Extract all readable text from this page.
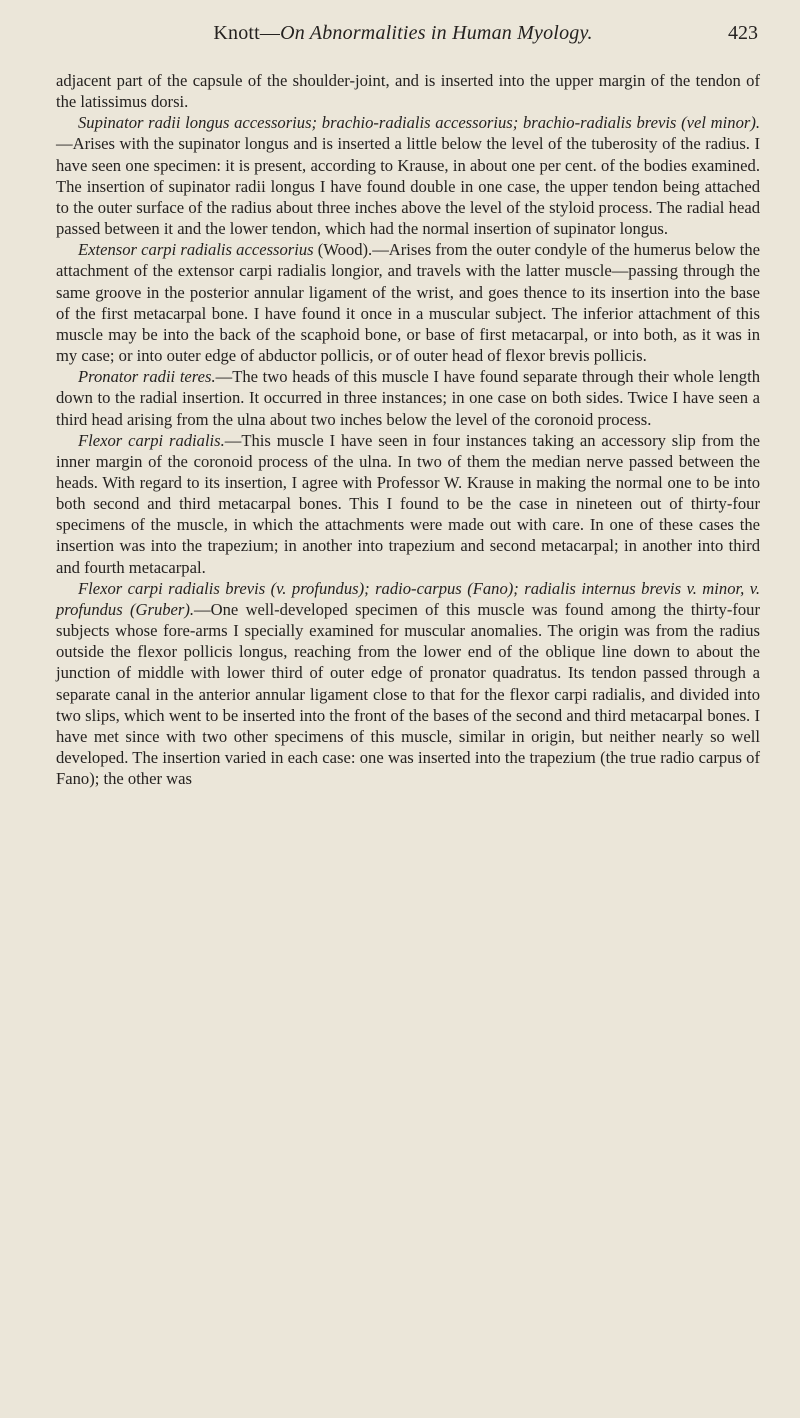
Knott—On Abnormalities in Human Myology.	423

adjacent part of the capsule of the shoulder-joint, and is inserted into the upper margin of the tendon of the latissimus dorsi.

Supinator radii longus accessorius; brachio-radialis accessorius; brachio-radialis brevis (vel minor).—Arises with the supinator longus and is inserted a little below the level of the tuberosity of the radius. I have seen one specimen: it is present, according to Krause, in about one per cent. of the bodies examined. The insertion of supinator radii longus I have found double in one case, the upper tendon being attached to the outer surface of the radius about three inches above the level of the styloid process. The radial head passed between it and the lower tendon, which had the normal insertion of supinator longus.

Extensor carpi radialis accessorius (Wood).—Arises from the outer condyle of the humerus below the attachment of the extensor carpi radialis longior, and travels with the latter muscle—passing through the same groove in the posterior annular ligament of the wrist, and goes thence to its insertion into the base of the first metacarpal bone. I have found it once in a muscular subject. The inferior attachment of this muscle may be into the back of the scaphoid bone, or base of first metacarpal, or into both, as it was in my case; or into outer edge of abductor pollicis, or of outer head of flexor brevis pollicis.

Pronator radii teres.—The two heads of this muscle I have found separate through their whole length down to the radial insertion. It occurred in three instances; in one case on both sides. Twice I have seen a third head arising from the ulna about two inches below the level of the coronoid process.

Flexor carpi radialis.—This muscle I have seen in four instances taking an accessory slip from the inner margin of the coronoid process of the ulna. In two of them the median nerve passed between the heads. With regard to its insertion, I agree with Professor W. Krause in making the normal one to be into both second and third metacarpal bones. This I found to be the case in nineteen out of thirty-four specimens of the muscle, in which the attachments were made out with care. In one of these cases the insertion was into the trapezium; in another into trapezium and second metacarpal; in another into third and fourth metacarpal.

Flexor carpi radialis brevis (v. profundus); radio-carpus (Fano); radialis internus brevis v. minor, v. profundus (Gruber).—One well-developed specimen of this muscle was found among the thirty-four subjects whose fore-arms I specially examined for muscular anomalies. The origin was from the radius outside the flexor pollicis longus, reaching from the lower end of the oblique line down to about the junction of middle with lower third of outer edge of pronator quadratus. Its tendon passed through a separate canal in the anterior annular ligament close to that for the flexor carpi radialis, and divided into two slips, which went to be inserted into the front of the bases of the second and third metacarpal bones. I have met since with two other specimens of this muscle, similar in origin, but neither nearly so well developed. The insertion varied in each case: one was inserted into the trapezium (the true radio carpus of Fano); the other was
